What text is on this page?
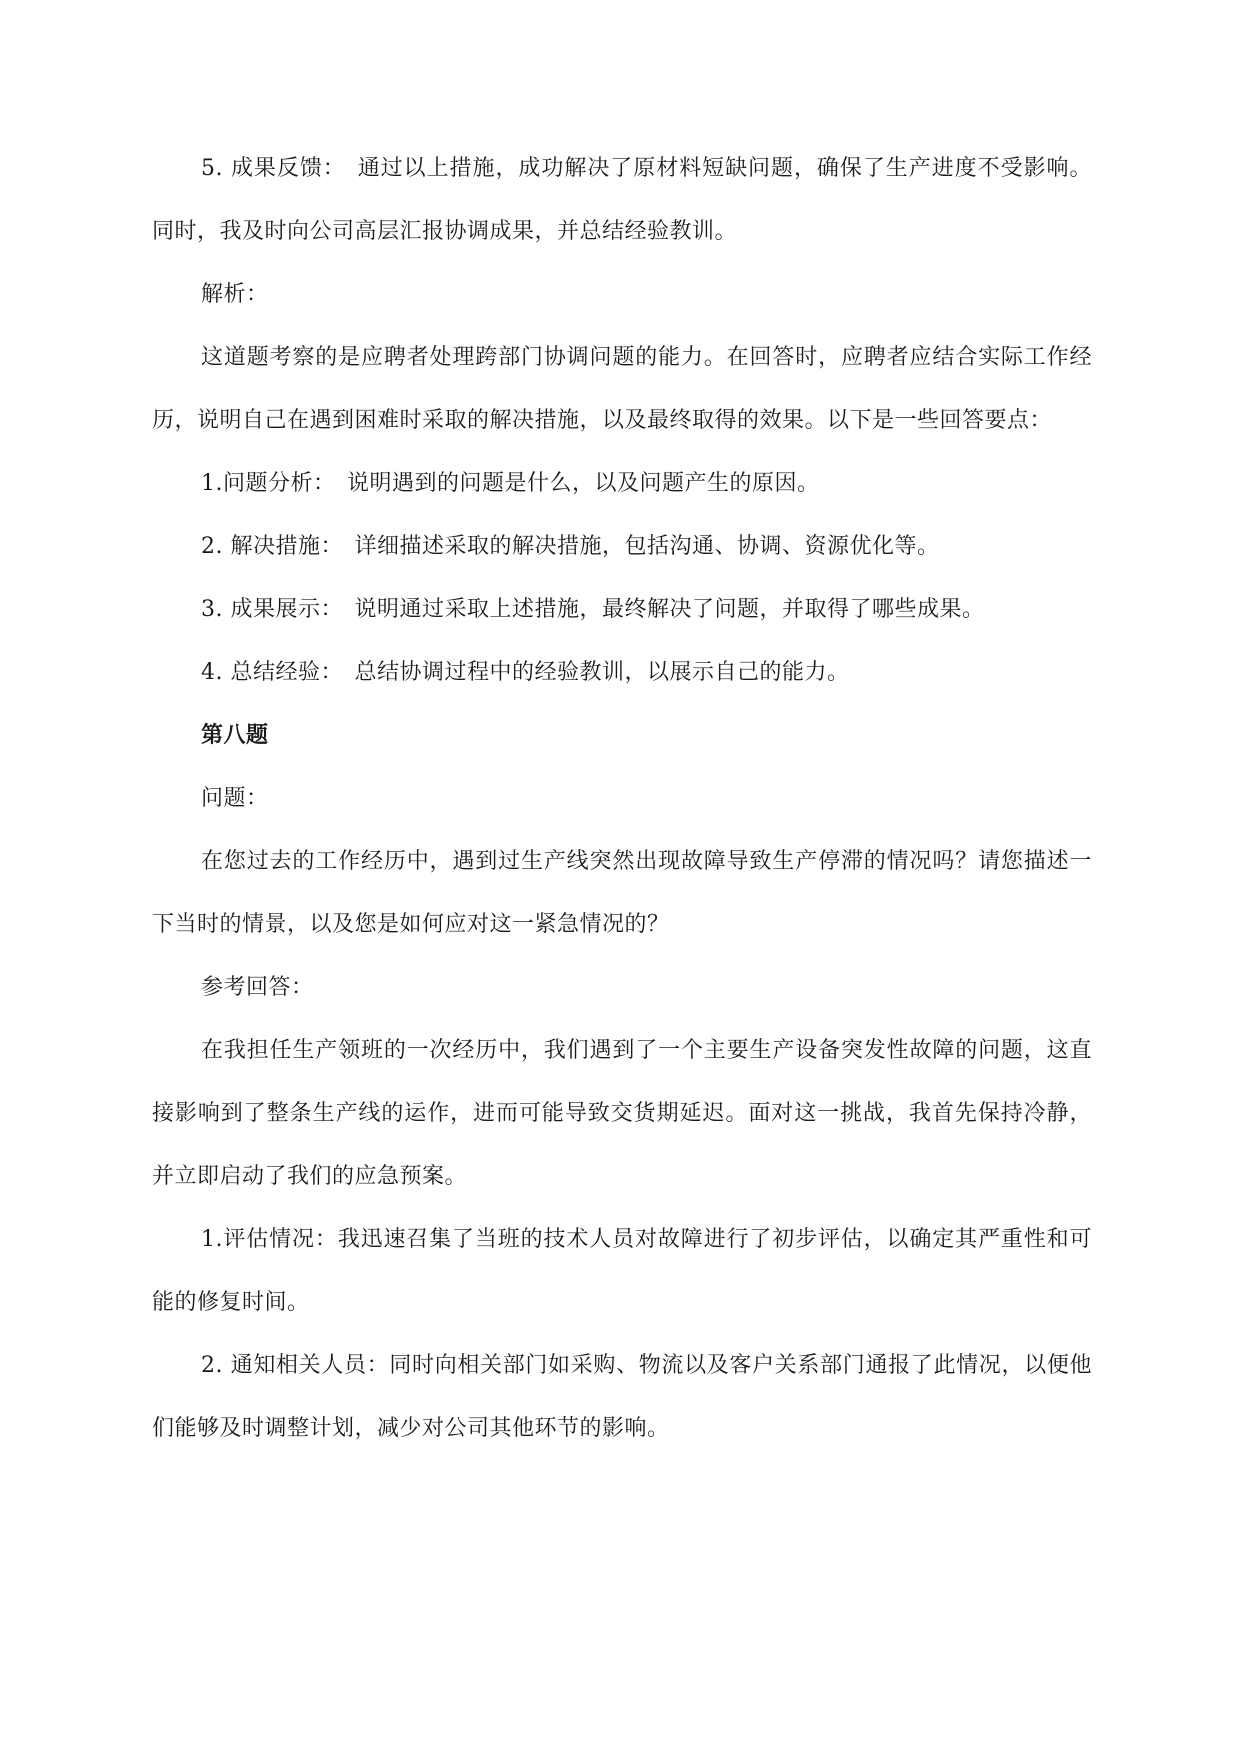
5. 成果反馈：　通过以上措施，成功解决了原材料短缺问题，确保了生产进度不受影响。同时，我及时向公司高层汇报协调成果，并总结经验教训。

解析：

这道题考察的是应聘者处理跨部门协调问题的能力。在回答时，应聘者应结合实际工作经历，说明自己在遇到困难时采取的解决措施，以及最终取得的效果。以下是一些回答要点：

1.问题分析：　说明遇到的问题是什么，以及问题产生的原因。

2. 解决措施：　详细描述采取的解决措施，包括沟通、协调、资源优化等。

3. 成果展示：　说明通过采取上述措施，最终解决了问题，并取得了哪些成果。

4. 总结经验：　总结协调过程中的经验教训，以展示自己的能力。

第八题

问题：

在您过去的工作经历中，遇到过生产线突然出现故障导致生产停滞的情况吗？请您描述一下当时的情景，以及您是如何应对这一紧急情况的？

参考回答：

在我担任生产领班的一次经历中，我们遇到了一个主要生产设备突发性故障的问题，这直接影响到了整条生产线的运作，进而可能导致交货期延迟。面对这一挑战，我首先保持冷静，并立即启动了我们的应急预案。

1.评估情况：我迅速召集了当班的技术人员对故障进行了初步评估，以确定其严重性和可能的修复时间。

2. 通知相关人员：同时向相关部门如采购、物流以及客户关系部门通报了此情况，以便他们能够及时调整计划，减少对公司其他环节的影响。
